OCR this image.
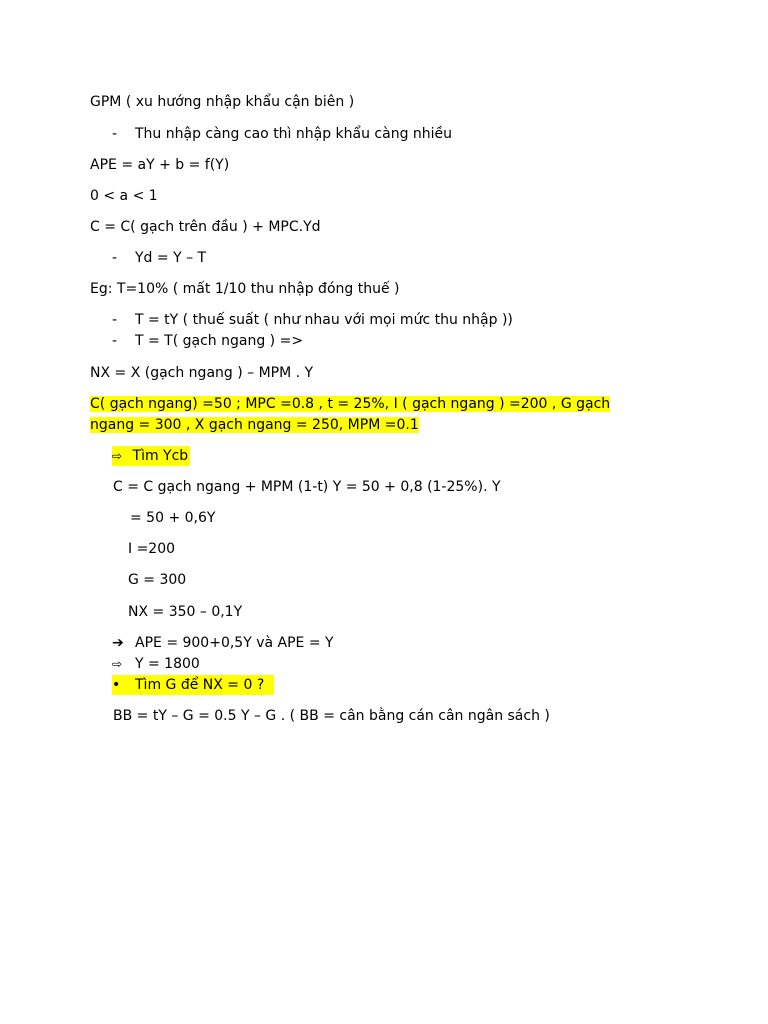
GPM ( xu hướng nhập khẩu cận biên )
-	Thu nhập càng cao thì nhập khẩu càng nhiều
APE = aY + b = f(Y)
0 < a < 1
C = C( gạch trên đầu ) + MPC.Yd
-	Yd = Y – T
Eg: T=10% ( mất 1/10 thu nhập đóng thuế )
-	T = tY ( thuế suất ( như nhau với mọi mức thu nhập ))
-	T = T( gạch ngang ) =>
NX = X (gạch ngang ) – MPM . Y
C( gạch ngang) =50 ; MPC =0.8 , t = 25%, I ( gạch ngang ) =200 , G gạch
ngang = 300 , X gạch ngang = 250, MPM =0.1
⇨ Tìm Ycb
C = C gạch ngang + MPM (1-t) Y = 50 + 0,8 (1-25%). Y
= 50 + 0,6Y
I =200
G = 300
NX = 350 – 0,1Y
➔ APE = 900+0,5Y và APE = Y
⇨ Y = 1800
•	Tìm G để NX = 0 ?
BB = tY – G = 0.5 Y – G . ( BB = cân bằng cán cân ngân sách )
